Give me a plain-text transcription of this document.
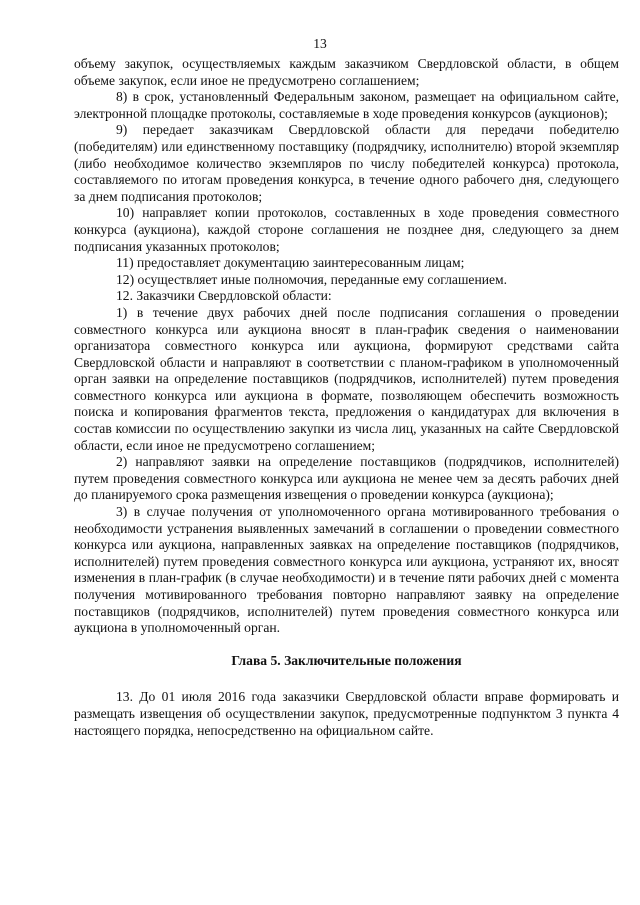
13

объему закупок, осуществляемых каждым заказчиком Свердловской области, в общем объеме закупок, если иное не предусмотрено соглашением;

8) в срок, установленный Федеральным законом, размещает на официальном сайте, электронной площадке протоколы, составляемые в ходе проведения конкурсов (аукционов);

9) передает заказчикам Свердловской области для передачи победителю (победителям) или единственному поставщику (подрядчику, исполнителю) второй экземпляр (либо необходимое количество экземпляров по числу победителей конкурса) протокола, составляемого по итогам проведения конкурса, в течение одного рабочего дня, следующего за днем подписания протоколов;

10) направляет копии протоколов, составленных в ходе проведения совместного конкурса (аукциона), каждой стороне соглашения не позднее дня, следующего за днем подписания указанных протоколов;

11) предоставляет документацию заинтересованным лицам;

12) осуществляет иные полномочия, переданные ему соглашением.

12. Заказчики Свердловской области:

1) в течение двух рабочих дней после подписания соглашения о проведении совместного конкурса или аукциона вносят в план-график сведения о наименовании организатора совместного конкурса или аукциона, формируют средствами сайта Свердловской области и направляют в соответствии с планом-графиком в уполномоченный орган заявки на определение поставщиков (подрядчиков, исполнителей) путем проведения совместного конкурса или аукциона в формате, позволяющем обеспечить возможность поиска и копирования фрагментов текста, предложения о кандидатурах для включения в состав комиссии по осуществлению закупки из числа лиц, указанных на сайте Свердловской области, если иное не предусмотрено соглашением;

2) направляют заявки на определение поставщиков (подрядчиков, исполнителей) путем проведения совместного конкурса или аукциона не менее чем за десять рабочих дней до планируемого срока размещения извещения о проведении конкурса (аукциона);

3) в случае получения от уполномоченного органа мотивированного требования о необходимости устранения выявленных замечаний в соглашении о проведении совместного конкурса или аукциона, направленных заявках на определение поставщиков (подрядчиков, исполнителей) путем проведения совместного конкурса или аукциона, устраняют их, вносят изменения в план-график (в случае необходимости) и в течение пяти рабочих дней с момента получения мотивированного требования повторно направляют заявку на определение поставщиков (подрядчиков, исполнителей) путем проведения совместного конкурса или аукциона в уполномоченный орган.

Глава 5. Заключительные положения

13. До 01 июля 2016 года заказчики Свердловской области вправе формировать и размещать извещения об осуществлении закупок, предусмотренные подпунктом 3 пункта 4 настоящего порядка, непосредственно на официальном сайте.
